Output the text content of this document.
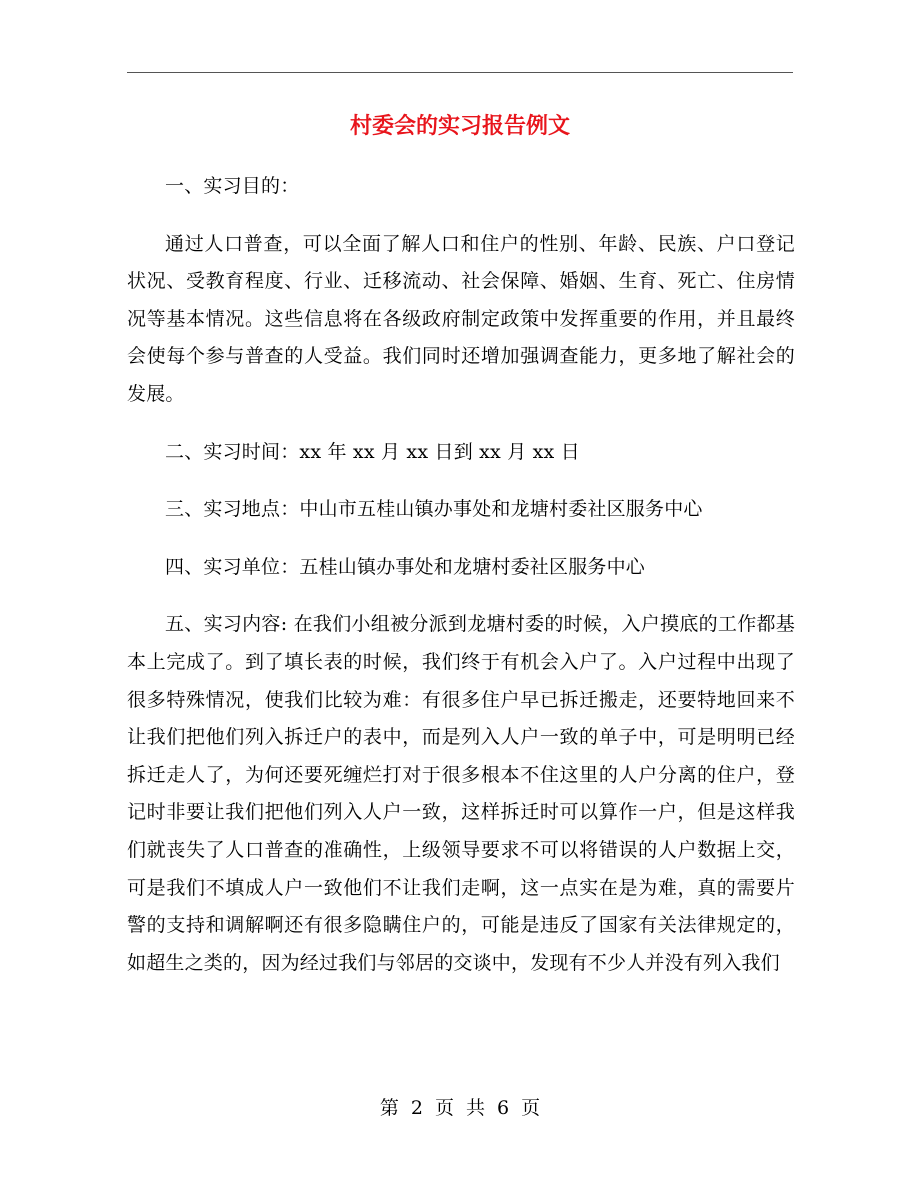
村委会的实习报告例文

一、实习目的：

通过人口普查，可以全面了解人口和住户的性别、年龄、民族、户口登记状况、受教育程度、行业、迁移流动、社会保障、婚姻、生育、死亡、住房情况等基本情况。这些信息将在各级政府制定政策中发挥重要的作用，并且最终会使每个参与普查的人受益。我们同时还增加强调查能力，更多地了解社会的发展。

二、实习时间：xx 年 xx 月 xx 日到 xx 月 xx 日

三、实习地点：中山市五桂山镇办事处和龙塘村委社区服务中心

四、实习单位：五桂山镇办事处和龙塘村委社区服务中心

五、实习内容: 在我们小组被分派到龙塘村委的时候，入户摸底的工作都基本上完成了。到了填长表的时候，我们终于有机会入户了。入户过程中出现了很多特殊情况，使我们比较为难：有很多住户早已拆迁搬走，还要特地回来不让我们把他们列入拆迁户的表中，而是列入人户一致的单子中，可是明明已经拆迁走人了，为何还要死缠烂打对于很多根本不住这里的人户分离的住户，登记时非要让我们把他们列入人户一致，这样拆迁时可以算作一户，但是这样我们就丧失了人口普查的准确性，上级领导要求不可以将错误的人户数据上交，可是我们不填成人户一致他们不让我们走啊，这一点实在是为难，真的需要片警的支持和调解啊还有很多隐瞒住户的，可能是违反了国家有关法律规定的，如超生之类的，因为经过我们与邻居的交谈中，发现有不少人并没有列入我们

第 2 页 共 6 页
